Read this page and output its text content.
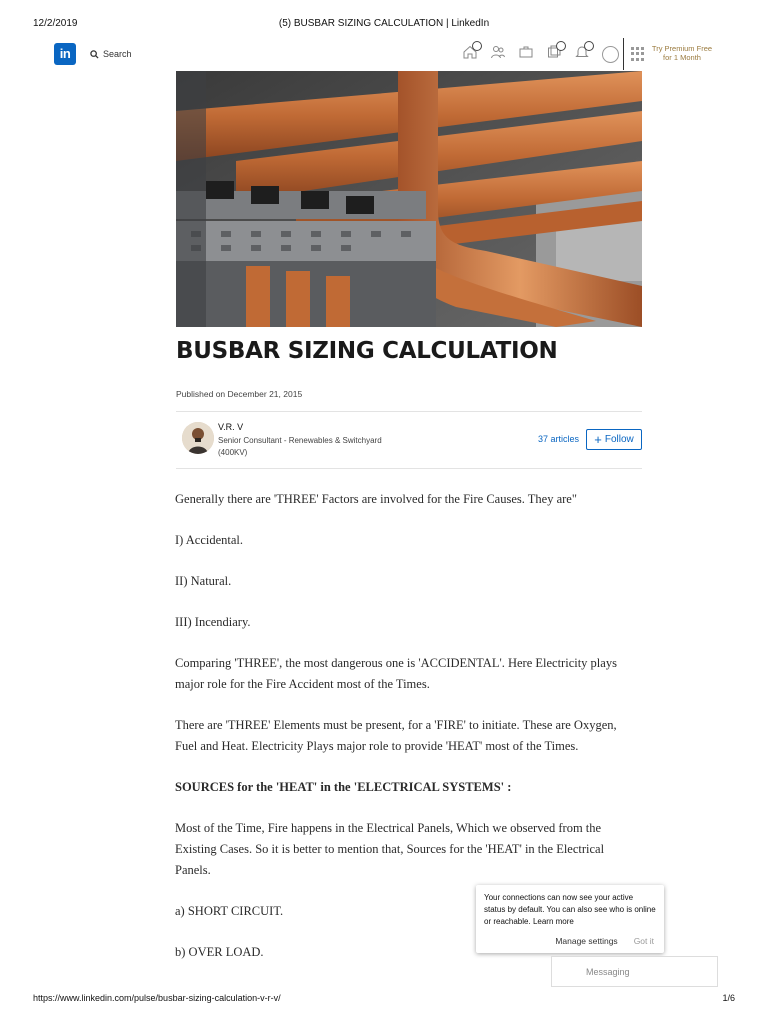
12/2/2019	(5) BUSBAR SIZING CALCULATION | LinkedIn
in	Search
Try Premium Free
for 1 Month
BUSBAR SIZING CALCULATION
Published on December 21, 2015
V.R. V
Senior Consultant - Renewables & Switchyard (400KV)
37 articles + Follow

Generally there are 'THREE' Factors are involved for the Fire Causes. They are"

I) Accidental.

II) Natural.

III) Incendiary.

Comparing 'THREE', the most dangerous one is 'ACCIDENTAL'. Here Electricity plays major role for the Fire Accident most of the Times.

There are 'THREE' Elements must be present, for a 'FIRE' to initiate. These are Oxygen, Fuel and Heat. Electricity Plays major role to provide 'HEAT' most of the Times.

SOURCES for the 'HEAT' in the 'ELECTRICAL SYSTEMS' :

Most of the Time, Fire happens in the Electrical Panels, Which we observed from the Existing Cases. So it is better to mention that, Sources for the 'HEAT' in the Electrical Panels.

a) SHORT CIRCUIT.

b) OVER LOAD.

Your connections can now see your active status by default. You can also see who is online or reachable. Learn more
Manage settings Got it
Messaging
https://www.linkedin.com/pulse/busbar-sizing-calculation-v-r-v/	1/6
